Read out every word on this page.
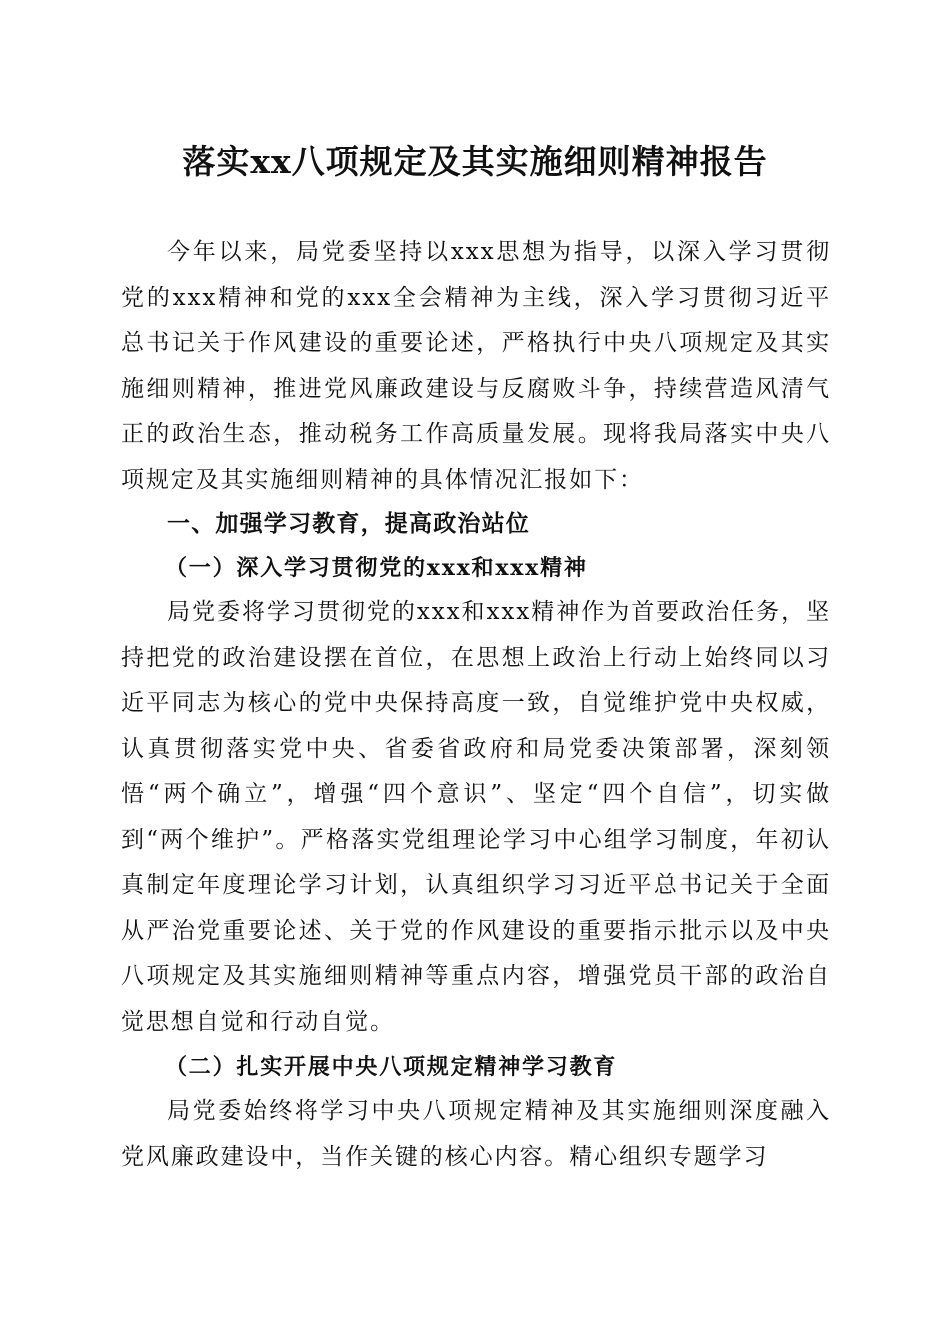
落实xx八项规定及其实施细则精神报告

今年以来，局党委坚持以xxx思想为指导，以深入学习贯彻党的xxx精神和党的xxx全会精神为主线，深入学习贯彻习近平总书记关于作风建设的重要论述，严格执行中央八项规定及其实施细则精神，推进党风廉政建设与反腐败斗争，持续营造风清气正的政治生态，推动税务工作高质量发展。现将我局落实中央八项规定及其实施细则精神的具体情况汇报如下：

一、加强学习教育，提高政治站位
（一）深入学习贯彻党的xxx和xxx精神

局党委将学习贯彻党的xxx和xxx精神作为首要政治任务，坚持把党的政治建设摆在首位，在思想上政治上行动上始终同以习近平同志为核心的党中央保持高度一致，自觉维护党中央权威，认真贯彻落实党中央、省委省政府和局党委决策部署，深刻领悟“两个确立”，增强“四个意识”、坚定“四个自信”，切实做到“两个维护”。严格落实党组理论学习中心组学习制度，年初认真制定年度理论学习计划，认真组织学习习近平总书记关于全面从严治党重要论述、关于党的作风建设的重要指示批示以及中央八项规定及其实施细则精神等重点内容，增强党员干部的政治自觉思想自觉和行动自觉。

（二）扎实开展中央八项规定精神学习教育

局党委始终将学习中央八项规定精神及其实施细则深度融入党风廉政建设中，当作关键的核心内容。精心组织专题学习
